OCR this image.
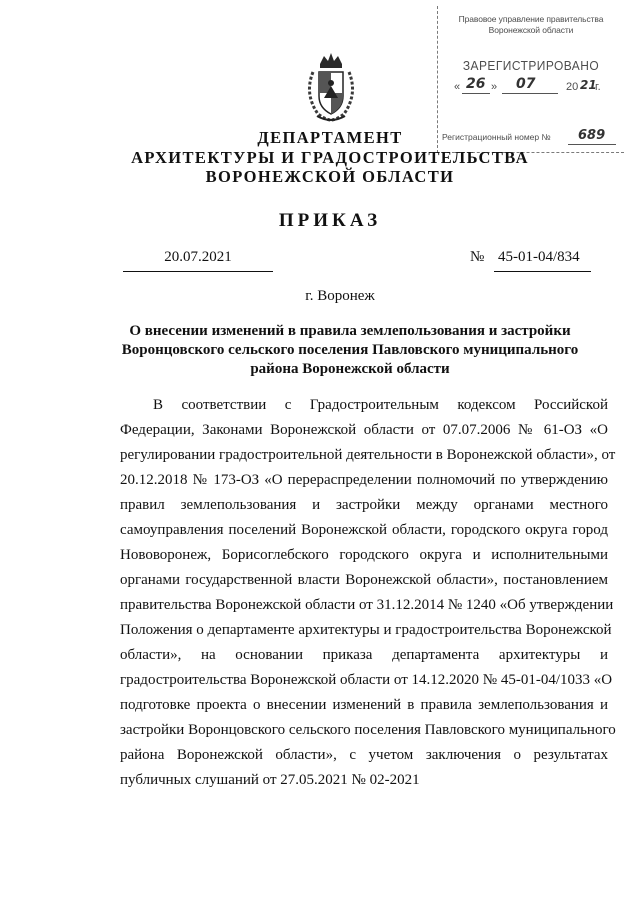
Правовое управление правительства
Воронежской области
ЗАРЕГИСТРИРОВАНО
« 26 » 07	20 21
г.
Регистрационный номер № 689
ДЕПАРТАМЕНТ
АРХИТЕКТУРЫ И ГРАДОСТРОИТЕЛЬСТВА
ВОРОНЕЖСКОЙ ОБЛАСТИ
ПРИКАЗ
20.07.2021	№ 45-01-04/834
г. Воронеж
О внесении изменений в правила землепользования и застройки
Воронцовского сельского поселения Павловского муниципального
района Воронежской области
В соответствии с Градостроительным кодексом Российской
Федерации, Законами Воронежской области от 07.07.2006 № 61-ОЗ «О
регулировании градостроительной деятельности в Воронежской области», от
20.12.2018 № 173-ОЗ «О перераспределении полномочий по утверждению
правил землепользования и застройки между органами местного
самоуправления поселений Воронежской области, городского округа город
Нововоронеж, Борисоглебского городского округа и исполнительными
органами государственной власти Воронежской области», постановлением
правительства Воронежской области от 31.12.2014 № 1240 «Об утверждении
Положения о департаменте архитектуры и градостроительства Воронежской
области», на основании приказа департамента архитектуры и
градостроительства Воронежской области от 14.12.2020 № 45-01-04/1033 «О
подготовке проекта о внесении изменений в правила землепользования и
застройки Воронцовского сельского поселения Павловского муниципального
района Воронежской области», с учетом заключения о результатах
публичных слушаний от 27.05.2021 № 02-2021
